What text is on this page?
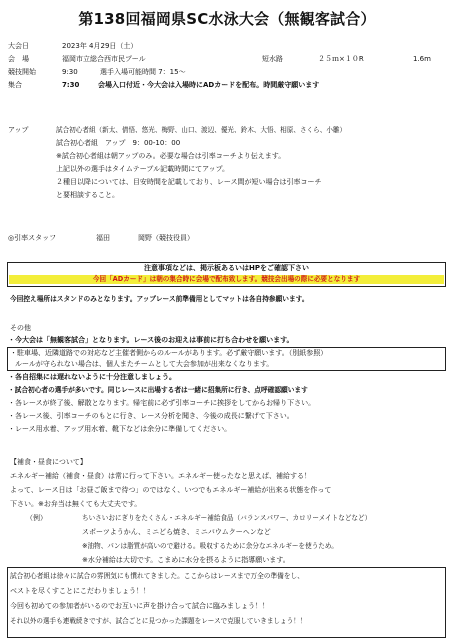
第138回福岡県SC水泳大会（無観客試合）
大会日	2023年 4月29日（土）
会　場	福岡市立総合西市民プール	短水路	２５ｍ×１０R	1.6m
競技開始	9:30	選手入場可能時間 7：15～
集合	7:30	会場入口付近・今大会は入場時にADカードを配布。時間厳守願います
アップ	試合初心者組（新太、倩悟、悠光、梅野、山口、渡辺、優光、鈴木、大悟、相原、さくら、小雛）
試合初心者組　アップ　9：00-10：00
※試合初心者組は朝アップのみ。必要な場合は引率コーチより伝えます。
上記以外の選手はタイムテーブル記載時間にてアップ。
２種目以降については、目安時間を記載しており、レース間が短い場合は引率コーチ
と要相談すること。
◎引率スタッフ	福田	岡野（競技役員）
注意事項などは、掲示板あるいはHPをご確認下さい
今回「ADカード」は朝の集合時に会場で配布致します。競技会出場の際に必要となります
今回控え場所はスタンドのみとなります。アップレース前準備用としてマットは各自持参願います。
その他
・今大会は「無観客試合」となります。レース後のお迎えは事前に打ち合わせを願います。
・駐車場、近隣道路での対応など主催者側からのルールがあります。必ず厳守願います。（別紙参照）
ルールが守られない場合は、個人またチームとして大会参加が出来なくなります。
・各自招集には遅れないように十分注意しましょう。
・試合初心者の選手が多いです。同じレースに出場する者は一緒に招集所に行き、点呼確認願います
・各レースが終了後、解散となります。帰宅前に必ず引率コーチに挨拶をしてからお帰り下さい。
・各レース後、引率コーチのもとに行き、レース分析を聞き、今後の成長に繋げて下さい。
・レース用水着、アップ用水着、靴下などは余分に準備してください。
【補食・昼食について】
エネルギー補給（補食・昼食）は常に行って下さい。エネルギー使ったなと思えば、補給する！
よって、レース日は「お昼ご飯まで待つ」のではなく、いつでもエネルギー補給が出来る状態を作って
下さい。※お弁当は無くても大丈夫です。
（例）	ちいさいおにぎりをたくさん・エネルギー補給食品（バランスパワー、カロリーメイトなどなど）
スポーツようかん、ミニどら焼き、ミニバウムクーヘンなど
※油物、パンは脂質が高いので避ける。吸収するために余分なエネルギーを使うため。
※水分補給は大切です。こまめに水分を摂るように指導願います。
試合初心者組は徐々に試合の雰囲気にも慣れてきました。ここからはレースまで万全の準備をし、
ベストを尽くすことにこだわりましょう！！
今回も初めての参加者がいるのでお互いに声を掛け合って試合に臨みましょう！！
それ以外の選手も連戦続きですが、試合ごとに見つかった課題をレースで克服していきましょう！！
